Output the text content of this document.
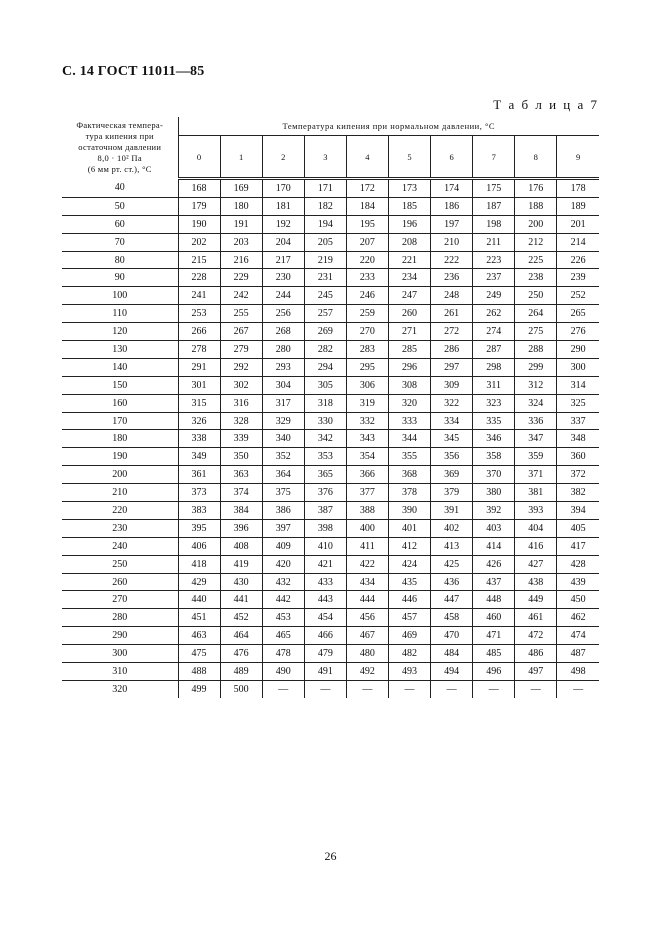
С. 14 ГОСТ 11011—85
Т а б л и ц а 7
Фактическая темпера-
тура кипения при
остаточном давлении
8,0 · 10² Па
(6 мм рт. ст.), °С	Температура кипения при нормальном давлении, °С									
	0	1	2	3	4	5	6	7	8	9
40	168	169	170	171	172	173	174	175	176	178
50	179	180	181	182	184	185	186	187	188	189
60	190	191	192	194	195	196	197	198	200	201
70	202	203	204	205	207	208	210	211	212	214
80	215	216	217	219	220	221	222	223	225	226
90	228	229	230	231	233	234	236	237	238	239
100	241	242	244	245	246	247	248	249	250	252
110	253	255	256	257	259	260	261	262	264	265
120	266	267	268	269	270	271	272	274	275	276
130	278	279	280	282	283	285	286	287	288	290
140	291	292	293	294	295	296	297	298	299	300
150	301	302	304	305	306	308	309	311	312	314
160	315	316	317	318	319	320	322	323	324	325
170	326	328	329	330	332	333	334	335	336	337
180	338	339	340	342	343	344	345	346	347	348
190	349	350	352	353	354	355	356	358	359	360
200	361	363	364	365	366	368	369	370	371	372
210	373	374	375	376	377	378	379	380	381	382
220	383	384	386	387	388	390	391	392	393	394
230	395	396	397	398	400	401	402	403	404	405
240	406	408	409	410	411	412	413	414	416	417
250	418	419	420	421	422	424	425	426	427	428
260	429	430	432	433	434	435	436	437	438	439
270	440	441	442	443	444	446	447	448	449	450
280	451	452	453	454	456	457	458	460	461	462
290	463	464	465	466	467	469	470	471	472	474
300	475	476	478	479	480	482	484	485	486	487
310	488	489	490	491	492	493	494	496	497	498
320	499	500	—	—	—	—	—	—	—	—
26
